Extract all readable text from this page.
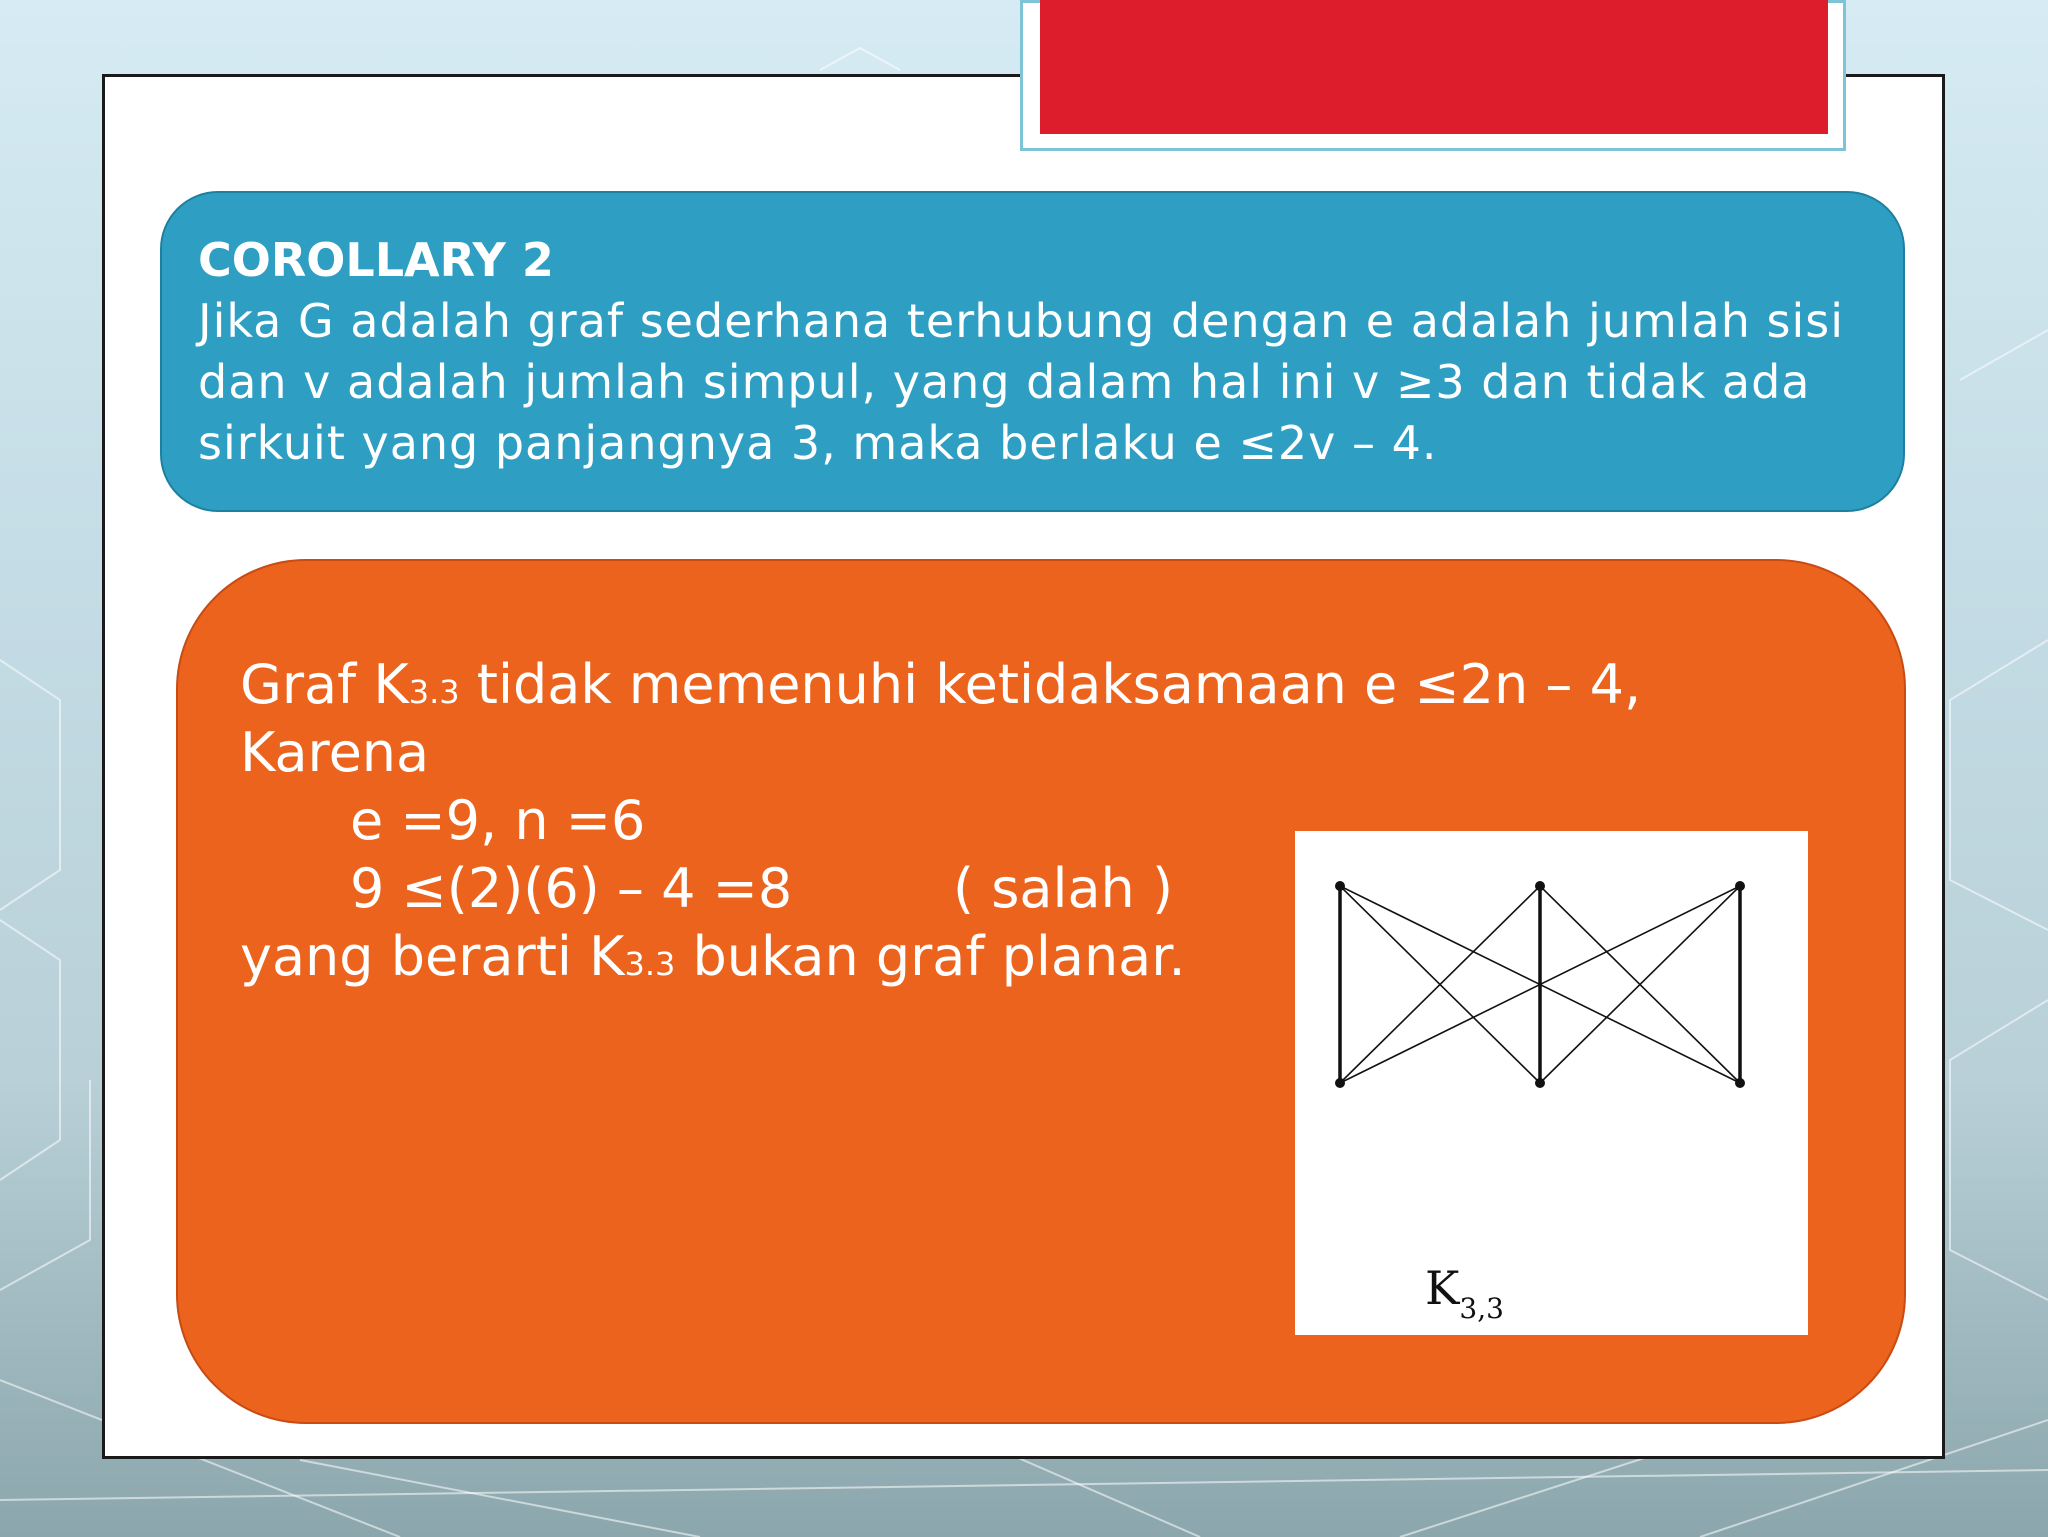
COROLLARY 2

Jika G adalah graf sederhana terhubung dengan e adalah jumlah sisi dan v adalah jumlah simpul, yang dalam hal ini v ≥3 dan tidak ada sirkuit yang panjangnya 3, maka berlaku e ≤2v – 4.

Graf K3.3 tidak memenuhi ketidaksamaan e ≤2n – 4,
Karena
e =9, n =6
9 ≤(2)(6) – 4 =8	( salah )
yang berarti K3.3 bukan graf planar.
$K_{3,3}$
